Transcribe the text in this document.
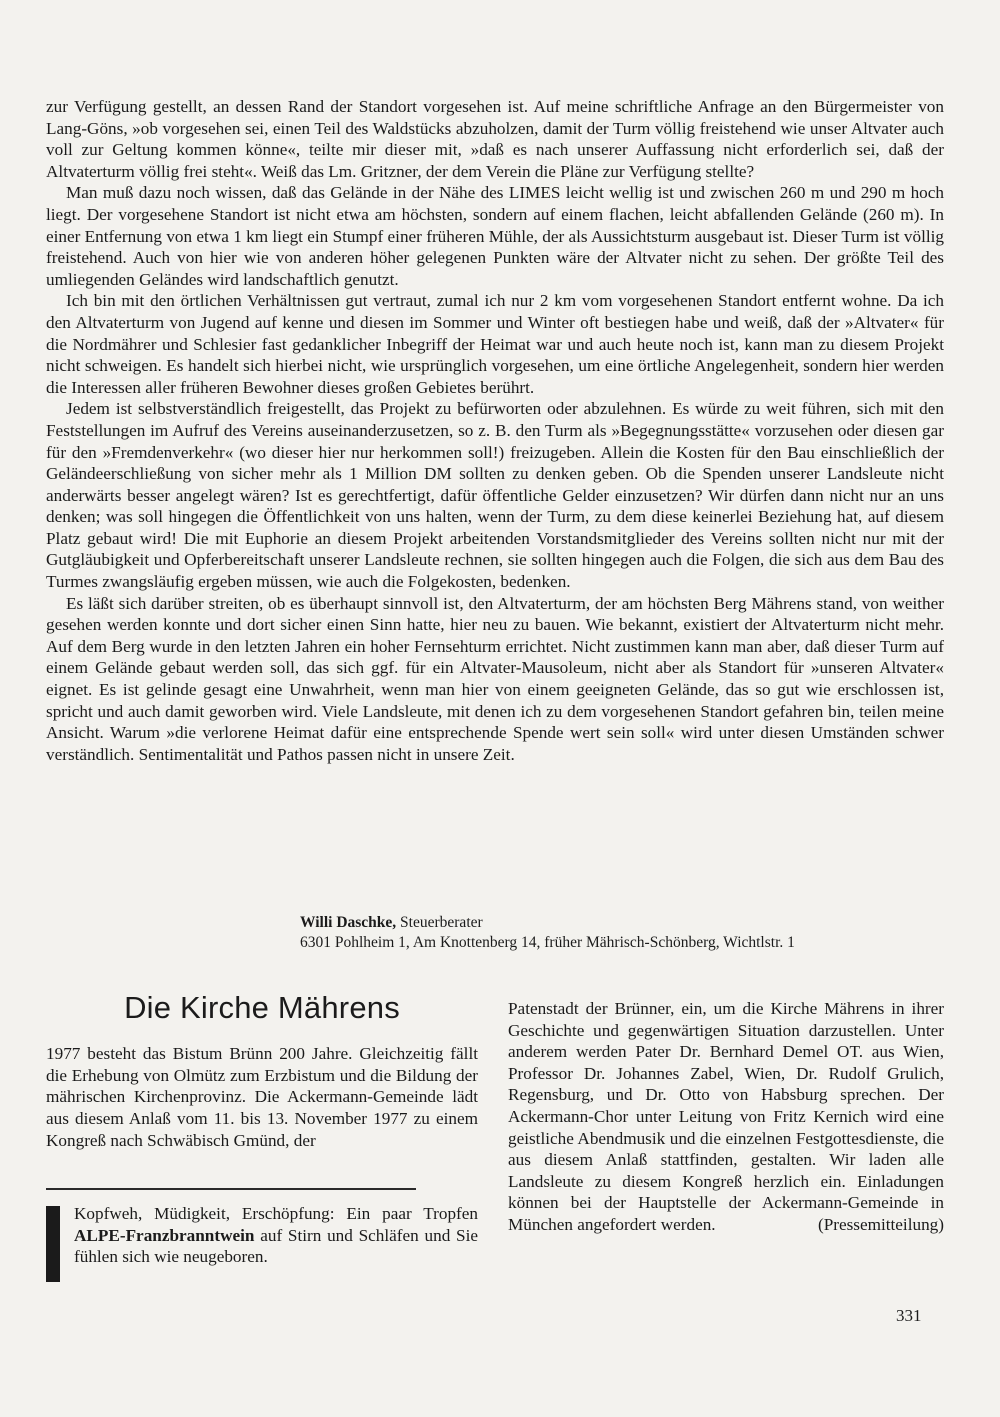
zur Verfügung gestellt, an dessen Rand der Standort vorgesehen ist. Auf meine schriftliche Anfrage an den Bürgermeister von Lang-Göns, »ob vorgesehen sei, einen Teil des Waldstücks abzuholzen, damit der Turm völlig freistehend wie unser Altvater auch voll zur Geltung kommen könne«, teilte mir dieser mit, »daß es nach unserer Auffassung nicht erforderlich sei, daß der Altvaterturm völlig frei steht«. Weiß das Lm. Gritzner, der dem Verein die Pläne zur Verfügung stellte?

Man muß dazu noch wissen, daß das Gelände in der Nähe des LIMES leicht wellig ist und zwischen 260 m und 290 m hoch liegt. Der vorgesehene Standort ist nicht etwa am höchsten, sondern auf einem flachen, leicht abfallenden Gelände (260 m). In einer Entfernung von etwa 1 km liegt ein Stumpf einer früheren Mühle, der als Aussichtsturm ausgebaut ist. Dieser Turm ist völlig freistehend. Auch von hier wie von anderen höher gelegenen Punkten wäre der Altvater nicht zu sehen. Der größte Teil des umliegenden Geländes wird landschaftlich genutzt.

Ich bin mit den örtlichen Verhältnissen gut vertraut, zumal ich nur 2 km vom vorgesehenen Standort entfernt wohne. Da ich den Altvaterturm von Jugend auf kenne und diesen im Sommer und Winter oft bestiegen habe und weiß, daß der »Altvater« für die Nordmährer und Schlesier fast gedanklicher Inbegriff der Heimat war und auch heute noch ist, kann man zu diesem Projekt nicht schweigen. Es handelt sich hierbei nicht, wie ursprünglich vorgesehen, um eine örtliche Angelegenheit, sondern hier werden die Interessen aller früheren Bewohner dieses großen Gebietes berührt.

Jedem ist selbstverständlich freigestellt, das Projekt zu befürworten oder abzulehnen. Es würde zu weit führen, sich mit den Feststellungen im Aufruf des Vereins auseinanderzusetzen, so z. B. den Turm als »Begegnungsstätte« vorzusehen oder diesen gar für den »Fremdenverkehr« (wo dieser hier nur herkommen soll!) freizugeben. Allein die Kosten für den Bau einschließlich der Geländeerschließung von sicher mehr als 1 Million DM sollten zu denken geben. Ob die Spenden unserer Landsleute nicht anderwärts besser angelegt wären? Ist es gerechtfertigt, dafür öffentliche Gelder einzusetzen? Wir dürfen dann nicht nur an uns denken; was soll hingegen die Öffentlichkeit von uns halten, wenn der Turm, zu dem diese keinerlei Beziehung hat, auf diesem Platz gebaut wird! Die mit Euphorie an diesem Projekt arbeitenden Vorstandsmitglieder des Vereins sollten nicht nur mit der Gutgläubigkeit und Opferbereitschaft unserer Landsleute rechnen, sie sollten hingegen auch die Folgen, die sich aus dem Bau des Turmes zwangsläufig ergeben müssen, wie auch die Folgekosten, bedenken.

Es läßt sich darüber streiten, ob es überhaupt sinnvoll ist, den Altvaterturm, der am höchsten Berg Mährens stand, von weither gesehen werden konnte und dort sicher einen Sinn hatte, hier neu zu bauen. Wie bekannt, existiert der Altvaterturm nicht mehr. Auf dem Berg wurde in den letzten Jahren ein hoher Fernsehturm errichtet. Nicht zustimmen kann man aber, daß dieser Turm auf einem Gelände gebaut werden soll, das sich ggf. für ein Altvater-Mausoleum, nicht aber als Standort für »unseren Altvater« eignet. Es ist gelinde gesagt eine Unwahrheit, wenn man hier von einem geeigneten Gelände, das so gut wie erschlossen ist, spricht und auch damit geworben wird. Viele Landsleute, mit denen ich zu dem vorgesehenen Standort gefahren bin, teilen meine Ansicht. Warum »die verlorene Heimat dafür eine entsprechende Spende wert sein soll« wird unter diesen Umständen schwer verständlich. Sentimentalität und Pathos passen nicht in unsere Zeit.

Willi Daschke, Steuerberater
6301 Pohlheim 1, Am Knottenberg 14, früher Mährisch-Schönberg, Wichtlstr. 1
Die Kirche Mährens

1977 besteht das Bistum Brünn 200 Jahre. Gleichzeitig fällt die Erhebung von Olmütz zum Erzbistum und die Bildung der mährischen Kirchenprovinz. Die Ackermann-Gemeinde lädt aus diesem Anlaß vom 11. bis 13. November 1977 zu einem Kongreß nach Schwäbisch Gmünd, der

Patenstadt der Brünner, ein, um die Kirche Mährens in ihrer Geschichte und gegenwärtigen Situation darzustellen. Unter anderem werden Pater Dr. Bernhard Demel OT. aus Wien, Professor Dr. Johannes Zabel, Wien, Dr. Rudolf Grulich, Regensburg, und Dr. Otto von Habsburg sprechen. Der Ackermann-Chor unter Leitung von Fritz Kernich wird eine geistliche Abendmusik und die einzelnen Festgottesdienste, die aus diesem Anlaß stattfinden, gestalten. Wir laden alle Landsleute zu diesem Kongreß herzlich ein. Einladungen können bei der Hauptstelle der Ackermann-Gemeinde in München angefordert werden.	(Pressemitteilung)

Kopfweh, Müdigkeit, Erschöpfung: Ein paar Tropfen ALPE-Franzbranntwein auf Stirn und Schläfen und Sie fühlen sich wie neugeboren.

331
